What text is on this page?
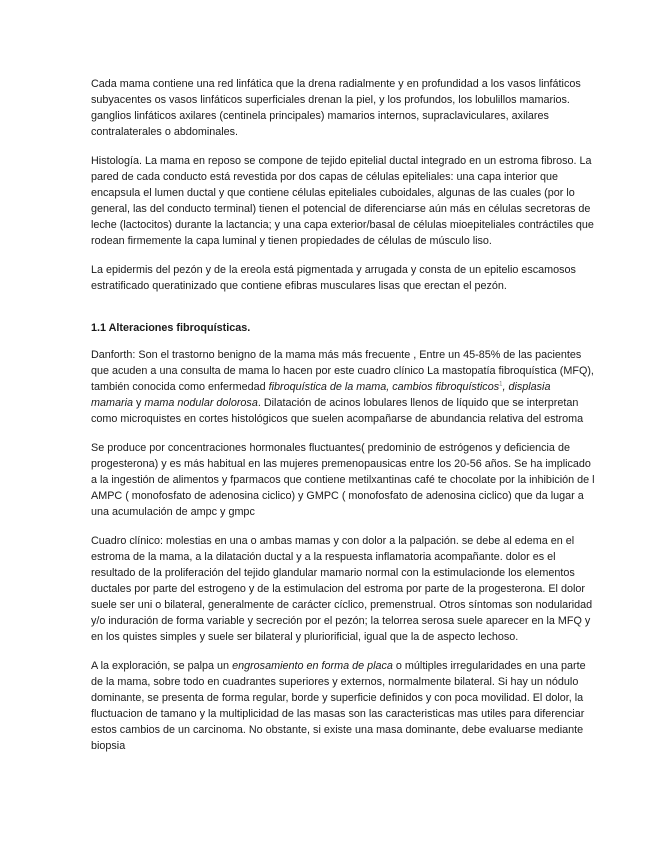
Cada mama contiene una red linfática que la drena radialmente y en profundidad a los vasos linfáticos subyacentes os vasos linfáticos superficiales drenan la piel, y los profundos, los lobulillos mamarios. ganglios linfáticos axilares (centinela principales) mamarios internos, supraclaviculares, axilares contralaterales o abdominales.

Histología. La mama en reposo se compone de tejido epitelial ductal integrado en un estroma fibroso. La pared de cada conducto está revestida por dos capas de células epiteliales: una capa interior que encapsula el lumen ductal y que contiene células epiteliales cuboidales, algunas de las cuales (por lo general, las del conducto terminal) tienen el potencial de diferenciarse aún más en células secretoras de leche (lactocitos) durante la lactancia; y una capa exterior/basal de células mioepiteliales contráctiles que rodean firmemente la capa luminal y tienen propiedades de células de músculo liso.

La epidermis del pezón y de la ereola está pigmentada y arrugada y consta de un epitelio escamosos estratificado queratinizado que contiene efibras musculares lisas que erectan el pezón.

1.1 Alteraciones fibroquísticas.

Danforth: Son el trastorno benigno de la mama más más frecuente , Entre un 45-85% de las pacientes que acuden a una consulta de mama lo hacen por este cuadro clínico La mastopatía fibroquística (MFQ), también conocida como enfermedad fibroquística de la mama, cambios fibroquísticos$^1$, displasia mamaria y mama nodular dolorosa. Dilatación de acinos lobulares llenos de líquido que se interpretan como microquistes en cortes histológicos que suelen acompañarse de abundancia relativa del estroma

Se produce por concentraciones hormonales fluctuantes( predominio de estrógenos y deficiencia de progesterona) y es más habitual en las mujeres premenopausicas entre los 20-56 años. Se ha implicado a la ingestión de alimentos y fparmacos que contiene metilxantinas café te chocolate por la inhibición de l AMPC ( monofosfato de adenosina ciclico) y GMPC ( monofosfato de adenosina ciclico) que da lugar a una acumulación de ampc y gmpc

Cuadro clínico: molestias en una o ambas mamas y con dolor a la palpación. se debe al edema en el estroma de la mama, a la dilatación ductal y a la respuesta inflamatoria acompañante. dolor es el resultado de la proliferación del tejido glandular mamario normal con la estimulacionde los elementos ductales por parte del estrogeno y de la estimulacion del estroma por parte de la progesterona. El dolor suele ser uni o bilateral, generalmente de carácter cíclico, premenstrual. Otros síntomas son nodularidad y/o induración de forma variable y secreción por el pezón; la telorrea serosa suele aparecer en la MFQ y en los quistes simples y suele ser bilateral y pluriorificial, igual que la de aspecto lechoso.

A la exploración, se palpa un engrosamiento en forma de placa o múltiples irregularidades en una parte de la mama, sobre todo en cuadrantes superiores y externos, normalmente bilateral. Si hay un nódulo dominante, se presenta de forma regular, borde y superficie definidos y con poca movilidad. El dolor, la fluctuacion de tamano y la multiplicidad de las masas son las caracteristicas mas utiles para diferenciar estos cambios de un carcinoma. No obstante, si existe una masa dominante, debe evaluarse mediante biopsia
